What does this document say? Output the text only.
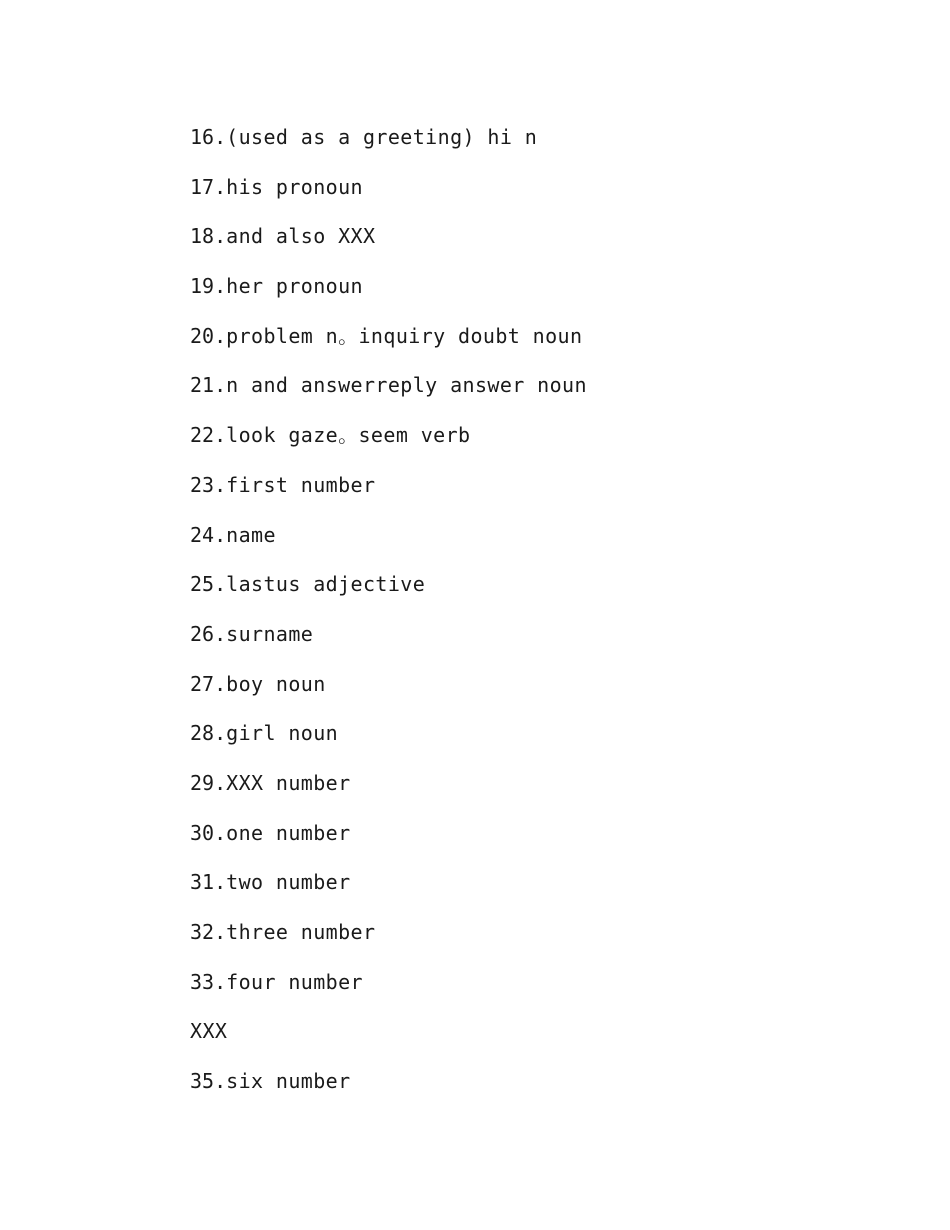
16.(used as a greeting) hi n
17.his pronoun
18.and also XXX
19.her pronoun
20.problem n。inquiry doubt noun
21.n and answerreply answer noun
22.look gaze。seem verb
23.first number
24.name
25.lastus adjective
26.surname
27.boy noun
28.girl noun
29.XXX number
30.one number
31.two number
32.three number
33.four number
XXX
35.six number
